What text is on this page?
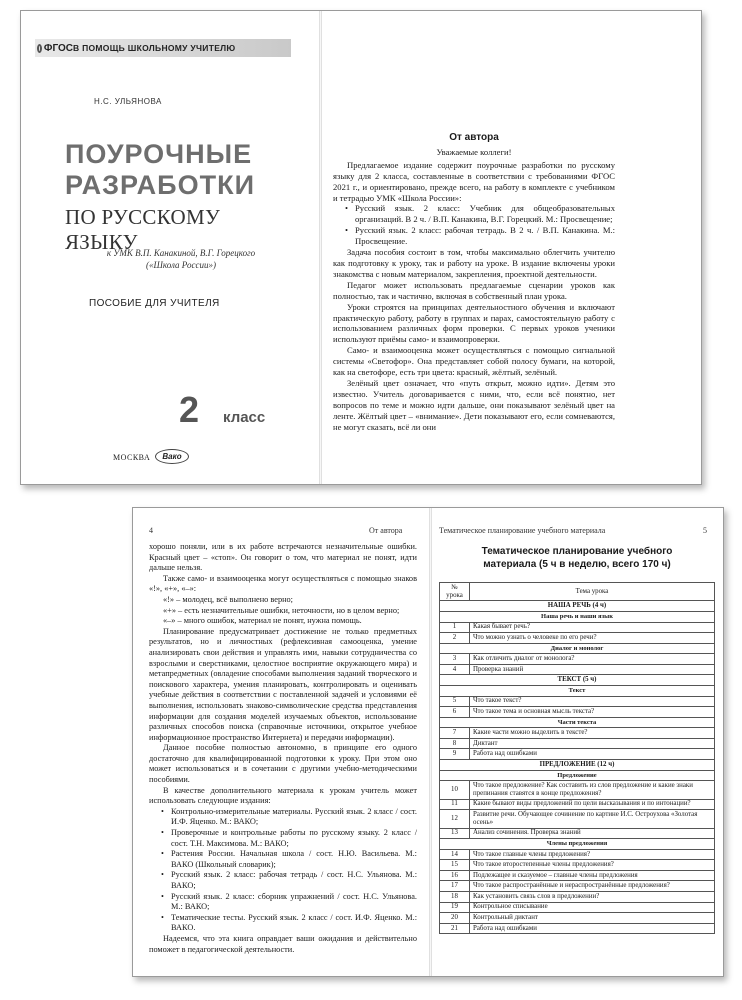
ФГОС В ПОМОЩЬ ШКОЛЬНОМУ УЧИТЕЛЮ
Н.С. УЛЬЯНОВА
ПОУРОЧНЫЕ
РАЗРАБОТКИ
ПО РУССКОМУ ЯЗЫКУ
к УМК В.П. Канакиной, В.Г. Горецкого
(«Школа России»)
ПОСОБИЕ ДЛЯ УЧИТЕЛЯ
2 класс
МОСКВА	Вако
От автора
Уважаемые коллеги!

Предлагаемое издание содержит поурочные разработки по русскому языку для 2 класса, составленные в соответствии с требованиями ФГОС 2021 г., и ориентировано, прежде всего, на работу в комплекте с учебником и тетрадью УМК «Школа России»:

• Русский язык. 2 класс: Учебник для общеобразовательных организаций. В 2 ч. / В.П. Канакина, В.Г. Горецкий. М.: Просвещение;
• Русский язык. 2 класс: рабочая тетрадь. В 2 ч. / В.П. Канакина. М.: Просвещение.

Задача пособия состоит в том, чтобы максимально облегчить учителю как подготовку к уроку, так и работу на уроке. В издание включены уроки знакомства с новым материалом, закрепления, проектной деятельности.

Педагог может использовать предлагаемые сценарии уроков как полностью, так и частично, включая в собственный план урока.

Уроки строятся на принципах деятельностного обучения и включают практическую работу, работу в группах и парах, самостоятельную работу с использованием различных форм проверки. С первых уроков ученики используют приёмы само- и взаимопроверки.

Само- и взаимооценка может осуществляться с помощью сигнальной системы «Светофор». Она представляет собой полосу бумаги, на которой, как на светофоре, есть три цвета: красный, жёлтый, зелёный.

Зелёный цвет означает, что «путь открыт, можно идти». Детям это известно. Учитель договаривается с ними, что, если всё понятно, нет вопросов по теме и можно идти дальше, они показывают зелёный цвет на ленте. Жёлтый цвет – «внимание». Дети показывают его, если сомневаются, не могут сказать, всё ли они

4	От автора

хорошо поняли, или в их работе встречаются незначительные ошибки. Красный цвет – «стоп». Он говорит о том, что материал не понят, идти дальше нельзя.

Также само- и взаимооценка могут осуществляться с помощью знаков «!», «+», «–»:

«!» – молодец, всё выполнено верно;

«+» – есть незначительные ошибки, неточности, но в целом верно;

«–» – много ошибок, материал не понят, нужна помощь.

Планирование предусматривает достижение не только предметных результатов, но и личностных (рефлексивная самооценка, умение анализировать свои действия и управлять ими, навыки сотрудничества со взрослыми и сверстниками, целостное восприятие окружающего мира) и метапредметных (овладение способами выполнения заданий творческого и поискового характера, умения планировать, контролировать и оценивать учебные действия в соответствии с поставленной задачей и условиями её выполнения, использовать знаково-символические средства представления информации для создания моделей изучаемых объектов, использование различных способов поиска (справочные источники, открытое учебное информационное пространство Интернета) и передачи информации).

Данное пособие полностью автономно, в принципе его одного достаточно для квалифицированной подготовки к уроку. При этом оно может использоваться и в сочетании с другими учебно-методическими пособиями.

В качестве дополнительного материала к урокам учитель может использовать следующие издания:

• Контрольно-измерительные материалы. Русский язык. 2 класс / сост. И.Ф. Яценко. М.: ВАКО;
• Проверочные и контрольные работы по русскому языку. 2 класс / сост. Т.Н. Максимова. М.: ВАКО;
• Растения России. Начальная школа / сост. Н.Ю. Васильева. М.: ВАКО (Школьный словарик);
• Русский язык. 2 класс: рабочая тетрадь / сост. Н.С. Ульянова. М.: ВАКО;
• Русский язык. 2 класс: сборник упражнений / сост. Н.С. Ульянова. М.: ВАКО;
• Тематические тесты. Русский язык. 2 класс / сост. И.Ф. Яценко. М.: ВАКО.

Надеемся, что эта книга оправдает ваши ожидания и действительно поможет в педагогической деятельности.

Тематическое планирование учебного материала	5
Тематическое планирование учебного
материала (5 ч в неделю, всего 170 ч)
№ урока	Тема урока
НАША РЕЧЬ (4 ч)	
Наша речь и наши язык	
1	Какая бывает речь?
2	Что можно узнать о человеке по его речи?
Диалог и монолог	
3	Как отличить диалог от монолога?
4	Проверка знаний
ТЕКСТ (5 ч)	
Текст	
5	Что такое текст?
6	Что такое тема и основная мысль текста?
Части текста	
7	Какие части можно выделить в тексте?
8	Диктант
9	Работа над ошибками
ПРЕДЛОЖЕНИЕ (12 ч)	
Предложение	
10	Что такое предложение? Как составить из слов предложение и какие знаки препинания ставятся в конце предложения?
11	Какие бывают виды предложений по цели высказывания и по интонации?
12	Развитие речи. Обучающее сочинение по картине И.С. Остроухова «Золотая осень»
13	Анализ сочинения. Проверка знаний
Члены предложения	
14	Что такое главные члены предложения?
15	Что такое второстепенные члены предложения?
16	Подлежащее и сказуемое – главные члены предложения
17	Что такое распространённые и нераспространённые предложения?
18	Как установить связь слов в предложении?
19	Контрольное списывание
20	Контрольный диктант
21	Работа над ошибками
